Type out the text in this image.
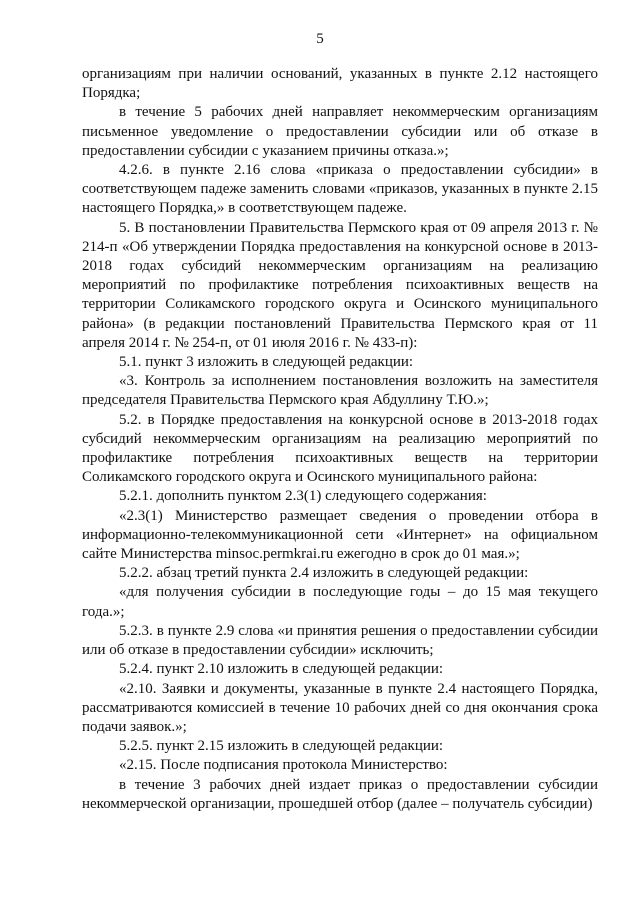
5

организациям при наличии оснований, указанных в пункте 2.12 настоящего Порядка;

в течение 5 рабочих дней направляет некоммерческим организациям письменное уведомление о предоставлении субсидии или об отказе в предоставлении субсидии с указанием причины отказа.»;

4.2.6. в пункте 2.16 слова «приказа о предоставлении субсидии» в соответствующем падеже заменить словами «приказов, указанных в пункте 2.15 настоящего Порядка,» в соответствующем падеже.

5. В постановлении Правительства Пермского края от 09 апреля 2013 г. № 214-п «Об утверждении Порядка предоставления на конкурсной основе в 2013-2018 годах субсидий некоммерческим организациям на реализацию мероприятий по профилактике потребления психоактивных веществ на территории Соликамского городского округа и Осинского муниципального района» (в редакции постановлений Правительства Пермского края от 11 апреля 2014 г. № 254-п, от 01 июля 2016 г. № 433-п):

5.1. пункт 3 изложить в следующей редакции:

«3. Контроль за исполнением постановления возложить на заместителя председателя Правительства Пермского края Абдуллину Т.Ю.»;

5.2. в Порядке предоставления на конкурсной основе в 2013-2018 годах субсидий некоммерческим организациям на реализацию мероприятий по профилактике потребления психоактивных веществ на территории Соликамского городского округа и Осинского муниципального района:

5.2.1. дополнить пунктом 2.3(1) следующего содержания:

«2.3(1) Министерство размещает сведения о проведении отбора в информационно-телекоммуникационной сети «Интернет» на официальном сайте Министерства minsoc.permkrai.ru ежегодно в срок до 01 мая.»;

5.2.2. абзац третий пункта 2.4 изложить в следующей редакции:

«для получения субсидии в последующие годы – до 15 мая текущего года.»;

5.2.3. в пункте 2.9 слова «и принятия решения о предоставлении субсидии или об отказе в предоставлении субсидии» исключить;

5.2.4. пункт 2.10 изложить в следующей редакции:

«2.10. Заявки и документы, указанные в пункте 2.4 настоящего Порядка, рассматриваются комиссией в течение 10 рабочих дней со дня окончания срока подачи заявок.»;

5.2.5. пункт 2.15 изложить в следующей редакции:

«2.15. После подписания протокола Министерство:

в течение 3 рабочих дней издает приказ о предоставлении субсидии некоммерческой организации, прошедшей отбор (далее – получатель субсидии)
